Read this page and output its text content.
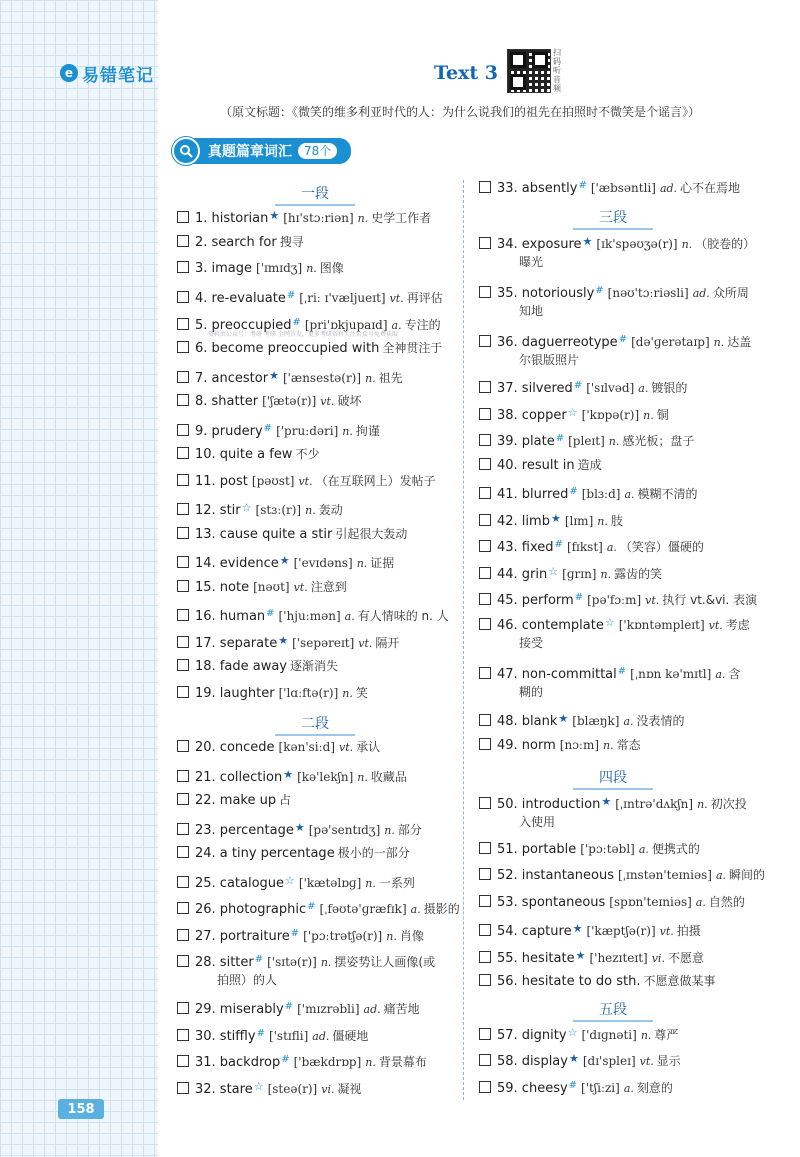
e 易错笔记	Text 3
扫码听音频
（原文标题：《微笑的维多利亚时代的人：为什么说我们的祖先在拍照时不微笑是个谣言》）
真题篇章词汇	78个
资料由公众号：考研 考研 全网首发，更多考研资料关注公众号免费获取
一段
二段
三段
四段
五段
1. historian★ [hɪ'stɔːriən] n. 史学工作者
2. search for 搜寻
3. image ['ɪmɪdʒ] n. 图像
4. re-evaluate# [ˌriː ɪ'væljueɪt] vt. 再评估
5. preoccupied# [pri'ɒkjupaɪd] a. 专注的
6. become preoccupied with 全神贯注于
7. ancestor★ ['ænsestə(r)] n. 祖先
8. shatter ['ʃætə(r)] vt. 破坏
9. prudery# ['pruːdəri] n. 拘谨
10. quite a few 不少
11. post [pəʊst] vt. （在互联网上）发帖子
12. stir☆ [stɜː(r)] n. 轰动
13. cause quite a stir 引起很大轰动
14. evidence★ ['evɪdəns] n. 证据
15. note [nəʊt] vt. 注意到
16. human# ['hjuːmən] a. 有人情味的 n. 人
17. separate★ ['sepəreɪt] vt. 隔开
18. fade away 逐渐消失
19. laughter ['lɑːftə(r)] n. 笑
20. concede [kən'siːd] vt. 承认
21. collection★ [kə'lekʃn] n. 收藏品
22. make up 占
23. percentage★ [pə'sentɪdʒ] n. 部分
24. a tiny percentage 极小的一部分
25. catalogue☆ ['kætəlɒɡ] n. 一系列
26. photographic# [ˌfəʊtə'ɡræfɪk] a. 摄影的
27. portraiture# ['pɔːtrətʃə(r)] n. 肖像
28. sitter# ['sɪtə(r)] n. 摆姿势让人画像(或
拍照）的人
29. miserably# ['mɪzrəbli] ad. 痛苦地
30. stiffly# ['stɪfli] ad. 僵硬地
31. backdrop# ['bækdrɒp] n. 背景幕布
32. stare☆ [steə(r)] vi. 凝视
33. absently# ['æbsəntli] ad. 心不在焉地
34. exposure★ [ɪk'spəʊʒə(r)] n. （胶卷的）
曝光
35. notoriously# [nəʊ'tɔːriəsli] ad. 众所周
知地
36. daguerreotype# [də'ɡerətaɪp] n. 达盖
尔银版照片
37. silvered# ['sɪlvəd] a. 镀银的
38. copper☆ ['kɒpə(r)] n. 铜
39. plate# [pleɪt] n. 感光板；盘子
40. result in 造成
41. blurred# [blɜːd] a. 模糊不清的
42. limb★ [lɪm] n. 肢
43. fixed# [fɪkst] a. （笑容）僵硬的
44. grin☆ [ɡrɪn] n. 露齿的笑
45. perform# [pə'fɔːm] vt. 执行 vt.&vi. 表演
46. contemplate☆ ['kɒntəmpleɪt] vt. 考虑
接受
47. non-committal# [ˌnɒn kə'mɪtl] a. 含
糊的
48. blank★ [blæŋk] a. 没表情的
49. norm [nɔːm] n. 常态
50. introduction★ [ˌɪntrə'dʌkʃn] n. 初次投
入使用
51. portable ['pɔːtəbl] a. 便携式的
52. instantaneous [ˌɪnstən'teɪniəs] a. 瞬间的
53. spontaneous [spɒn'teɪniəs] a. 自然的
54. capture★ ['kæptʃə(r)] vt. 拍摄
55. hesitate★ ['hezɪteɪt] vi. 不愿意
56. hesitate to do sth. 不愿意做某事
57. dignity☆ ['dɪɡnəti] n. 尊严
58. display★ [dɪ'spleɪ] vt. 显示
59. cheesy# ['tʃiːzi] a. 刻意的
158
